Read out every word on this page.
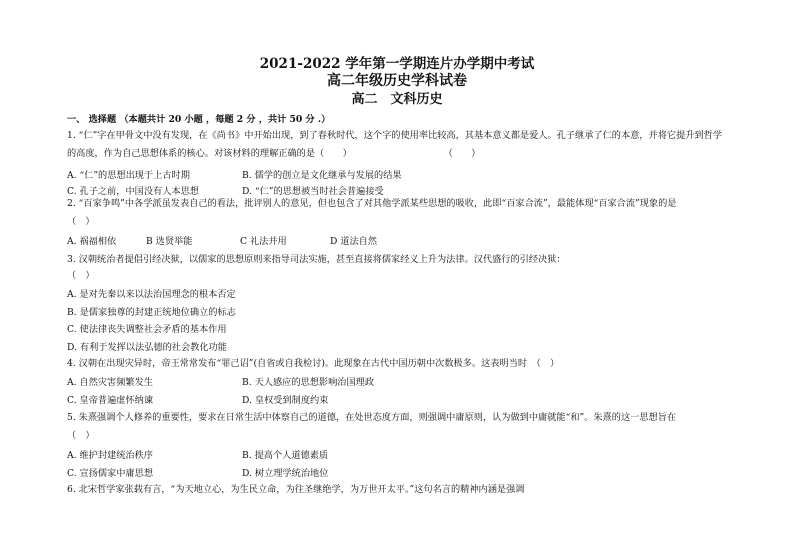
2021-2022 学年第一学期连片办学期中考试
高二年级历史学科试卷
高二　文科历史
一、 选择题 （本题共计 20 小题 ，每题 2 分 ，共计 50 分 .）
1. “仁”字在甲骨文中没有发现，在《尚书》中开始出现，到了春秋时代，这个字的使用率比较高，其基本意义都是爱人。孔子继承了仁的本意，并将它提升到哲学
的高度，作为自己思想体系的核心。对该材料的理解正确的是（　　）　　　　　　　　　　　（　　）
A. “仁”的思想出现于上古时期	B. 儒学的创立是文化继承与发展的结果
C. 孔子之前，中国没有人本思想	D. “仁”的思想被当时社会普遍接受
2. “百家争鸣”中各学派虽发表自己的看法，批评别人的意见，但也包含了对其他学派某些思想的吸收，此即“百家合流”，最能体现“百家合流”现象的是
（　）
A. 祸福相依	B 选贤举能	C 礼法并用	D 道法自然
3. 汉朝统治者提倡引经决狱，以儒家的思想原则来指导司法实施，甚至直接将儒家经义上升为法律。汉代盛行的引经决狱：
（　）
A. 是对先秦以来以法治国理念的根本否定
B. 是儒家独尊的封建正统地位确立的标志
C. 使法律丧失调整社会矛盾的基本作用
D. 有利于发挥以法弘德的社会教化功能
4. 汉朝在出现灾异时，帝王常常发布“罪己诏”(自省或自我检讨)。此现象在古代中国历朝中次数极多。这表明当时　（　）
A. 自然灾害频繁发生	B. 天人感应的思想影响治国理政
C. 皇帝普遍虚怀纳谏	D. 皇权受到制度约束
5. 朱熹强调个人修养的重要性，要求在日常生活中体察自己的道德，在处世态度方面，则强调中庸原则，认为做到中庸就能“和”。朱熹的这一思想旨在
（　）
A. 维护封建统治秩序	B. 提高个人道德素质
C. 宣扬儒家中庸思想	D. 树立理学统治地位
6. 北宋哲学家张载有言，“为天地立心，为生民立命，为往圣继绝学，为万世开太平。”这句名言的精神内涵是强调
